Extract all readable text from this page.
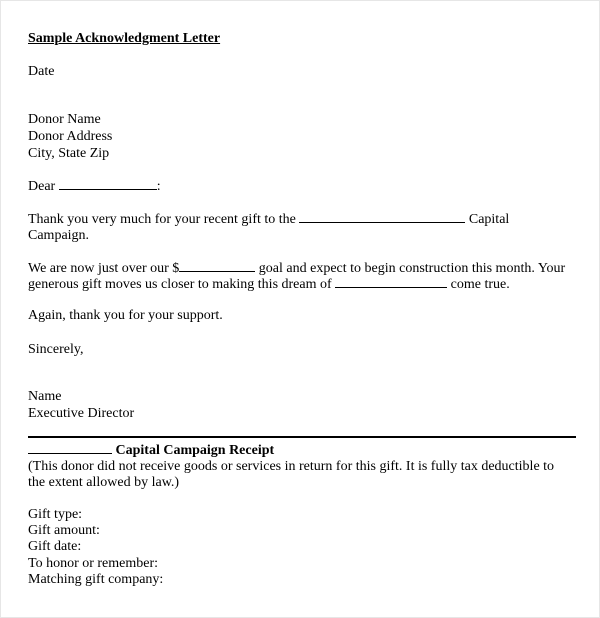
Sample Acknowledgment Letter
Date
Donor Name
Donor Address
City, State Zip
Dear	:
Thank you very much for your recent gift to the	Capital
Campaign.
We are now just over our $	goal and expect to begin construction this month. Your
generous gift moves us closer to making this dream of	come true.
Again, thank you for your support.
Sincerely,
Name
Executive Director
Capital Campaign Receipt
(This donor did not receive goods or services in return for this gift. It is fully tax deductible to
the extent allowed by law.)
Gift type:
Gift amount:
Gift date:
To honor or remember:
Matching gift company:
